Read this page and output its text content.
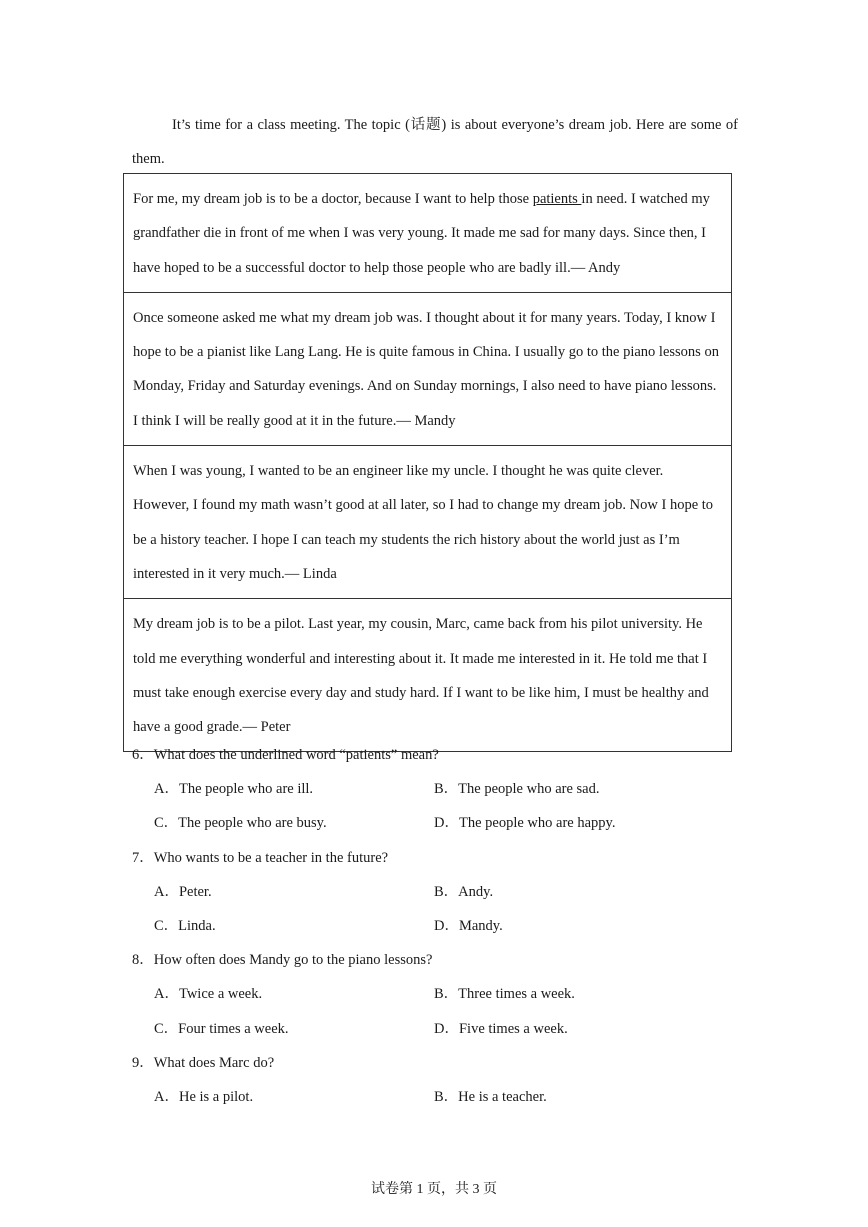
It’s time for a class meeting. The topic (话题) is about everyone’s dream job. Here are some of them.

For me, my dream job is to be a doctor, because I want to help those patients in need. I watched my grandfather die in front of me when I was very young. It made me sad for many days. Since then, I have hoped to be a successful doctor to help those people who are badly ill.— Andy
Once someone asked me what my dream job was. I thought about it for many years. Today, I know I hope to be a pianist like Lang Lang. He is quite famous in China. I usually go to the piano lessons on Monday, Friday and Saturday evenings. And on Sunday mornings, I also need to have piano lessons. I think I will be really good at it in the future.— Mandy
When I was young, I wanted to be an engineer like my uncle. I thought he was quite clever. However, I found my math wasn’t good at all later, so I had to change my dream job. Now I hope to be a history teacher. I hope I can teach my students the rich history about the world just as I’m interested in it very much.— Linda
My dream job is to be a pilot. Last year, my cousin, Marc, came back from his pilot university. He told me everything wonderful and interesting about it. It made me interested in it. He told me that I must take enough exercise every day and study hard. If I want to be like him, I must be healthy and have a good grade.— Peter
6．What does the underlined word “patients” mean?
A．The people who are ill.	B．The people who are sad.
C．The people who are busy.	D．The people who are happy.
7．Who wants to be a teacher in the future?
A．Peter.	B．Andy.
C．Linda.	D．Mandy.
8．How often does Mandy go to the piano lessons?
A．Twice a week.	B．Three times a week.
C．Four times a week.	D．Five times a week.
9．What does Marc do?
A．He is a pilot.	B．He is a teacher.
试卷第 1 页，共 3 页
